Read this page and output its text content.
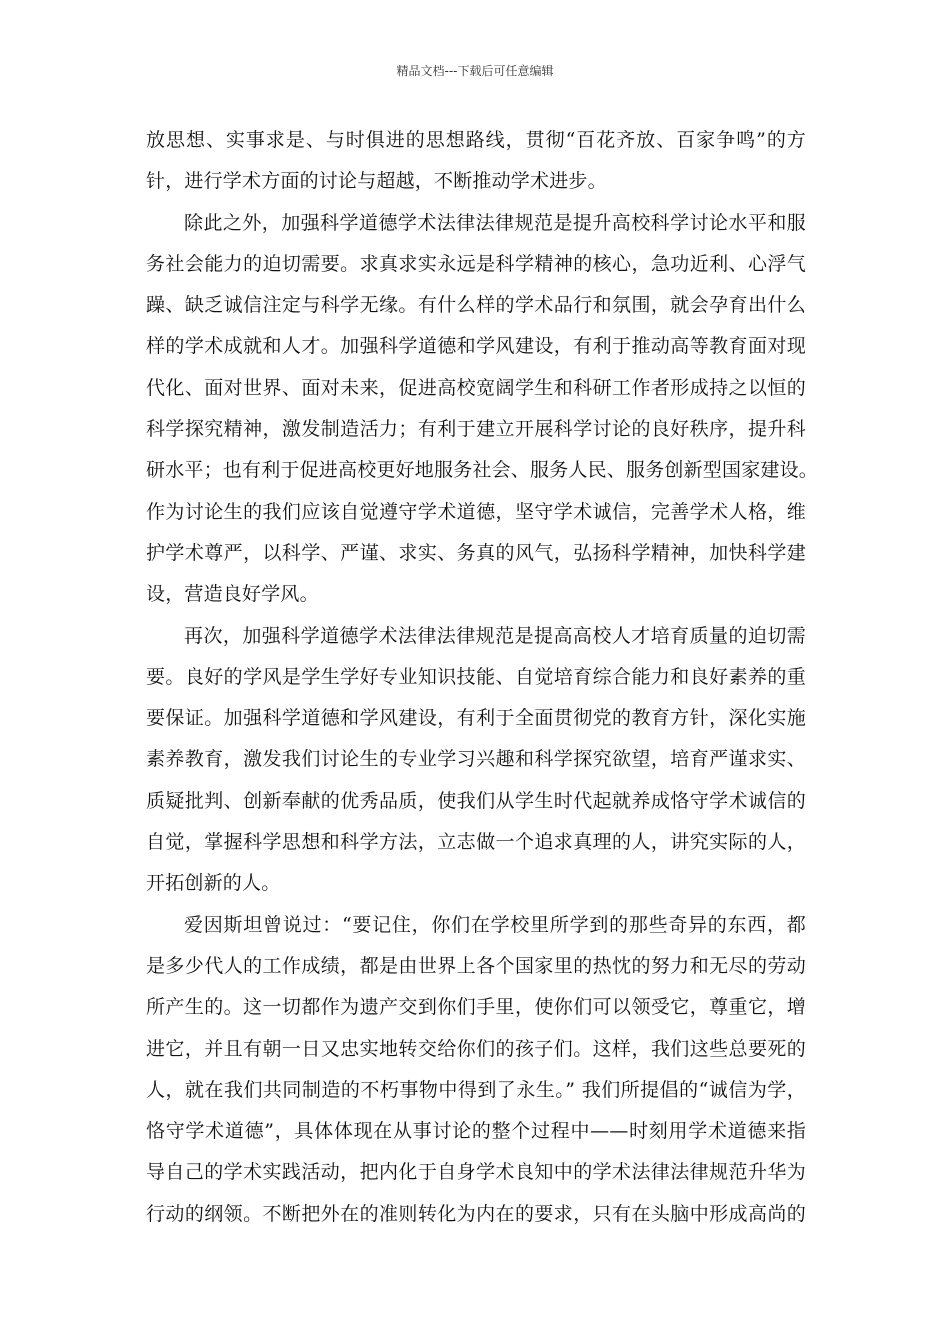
精品文档---下载后可任意编辑
放思想、实事求是、与时俱进的思想路线，贯彻“百花齐放、百家争鸣”的方
针，进行学术方面的讨论与超越，不断推动学术进步。
除此之外，加强科学道德学术法律法律规范是提升高校科学讨论水平和服
务社会能力的迫切需要。求真求实永远是科学精神的核心，急功近利、心浮气
躁、缺乏诚信注定与科学无缘。有什么样的学术品行和氛围，就会孕育出什么
样的学术成就和人才。加强科学道德和学风建设，有利于推动高等教育面对现
代化、面对世界、面对未来，促进高校宽阔学生和科研工作者形成持之以恒的
科学探究精神，激发制造活力；有利于建立开展科学讨论的良好秩序，提升科
研水平；也有利于促进高校更好地服务社会、服务人民、服务创新型国家建设。
作为讨论生的我们应该自觉遵守学术道德，坚守学术诚信，完善学术人格，维
护学术尊严，以科学、严谨、求实、务真的风气，弘扬科学精神，加快科学建
设，营造良好学风。
再次，加强科学道德学术法律法律规范是提高高校人才培育质量的迫切需
要。良好的学风是学生学好专业知识技能、自觉培育综合能力和良好素养的重
要保证。加强科学道德和学风建设，有利于全面贯彻党的教育方针，深化实施
素养教育，激发我们讨论生的专业学习兴趣和科学探究欲望，培育严谨求实、
质疑批判、创新奉献的优秀品质，使我们从学生时代起就养成恪守学术诚信的
自觉，掌握科学思想和科学方法，立志做一个追求真理的人，讲究实际的人，
开拓创新的人。
爱因斯坦曾说过：“要记住，你们在学校里所学到的那些奇异的东西，都
是多少代人的工作成绩，都是由世界上各个国家里的热忱的努力和无尽的劳动
所产生的。这一切都作为遗产交到你们手里，使你们可以领受它，尊重它，增
进它，并且有朝一日又忠实地转交给你们的孩子们。这样，我们这些总要死的
人，就在我们共同制造的不朽事物中得到了永生。” 我们所提倡的“诚信为学，
恪守学术道德”，具体体现在从事讨论的整个过程中——时刻用学术道德来指
导自己的学术实践活动，把内化于自身学术良知中的学术法律法律规范升华为
行动的纲领。不断把外在的准则转化为内在的要求，只有在头脑中形成高尚的
